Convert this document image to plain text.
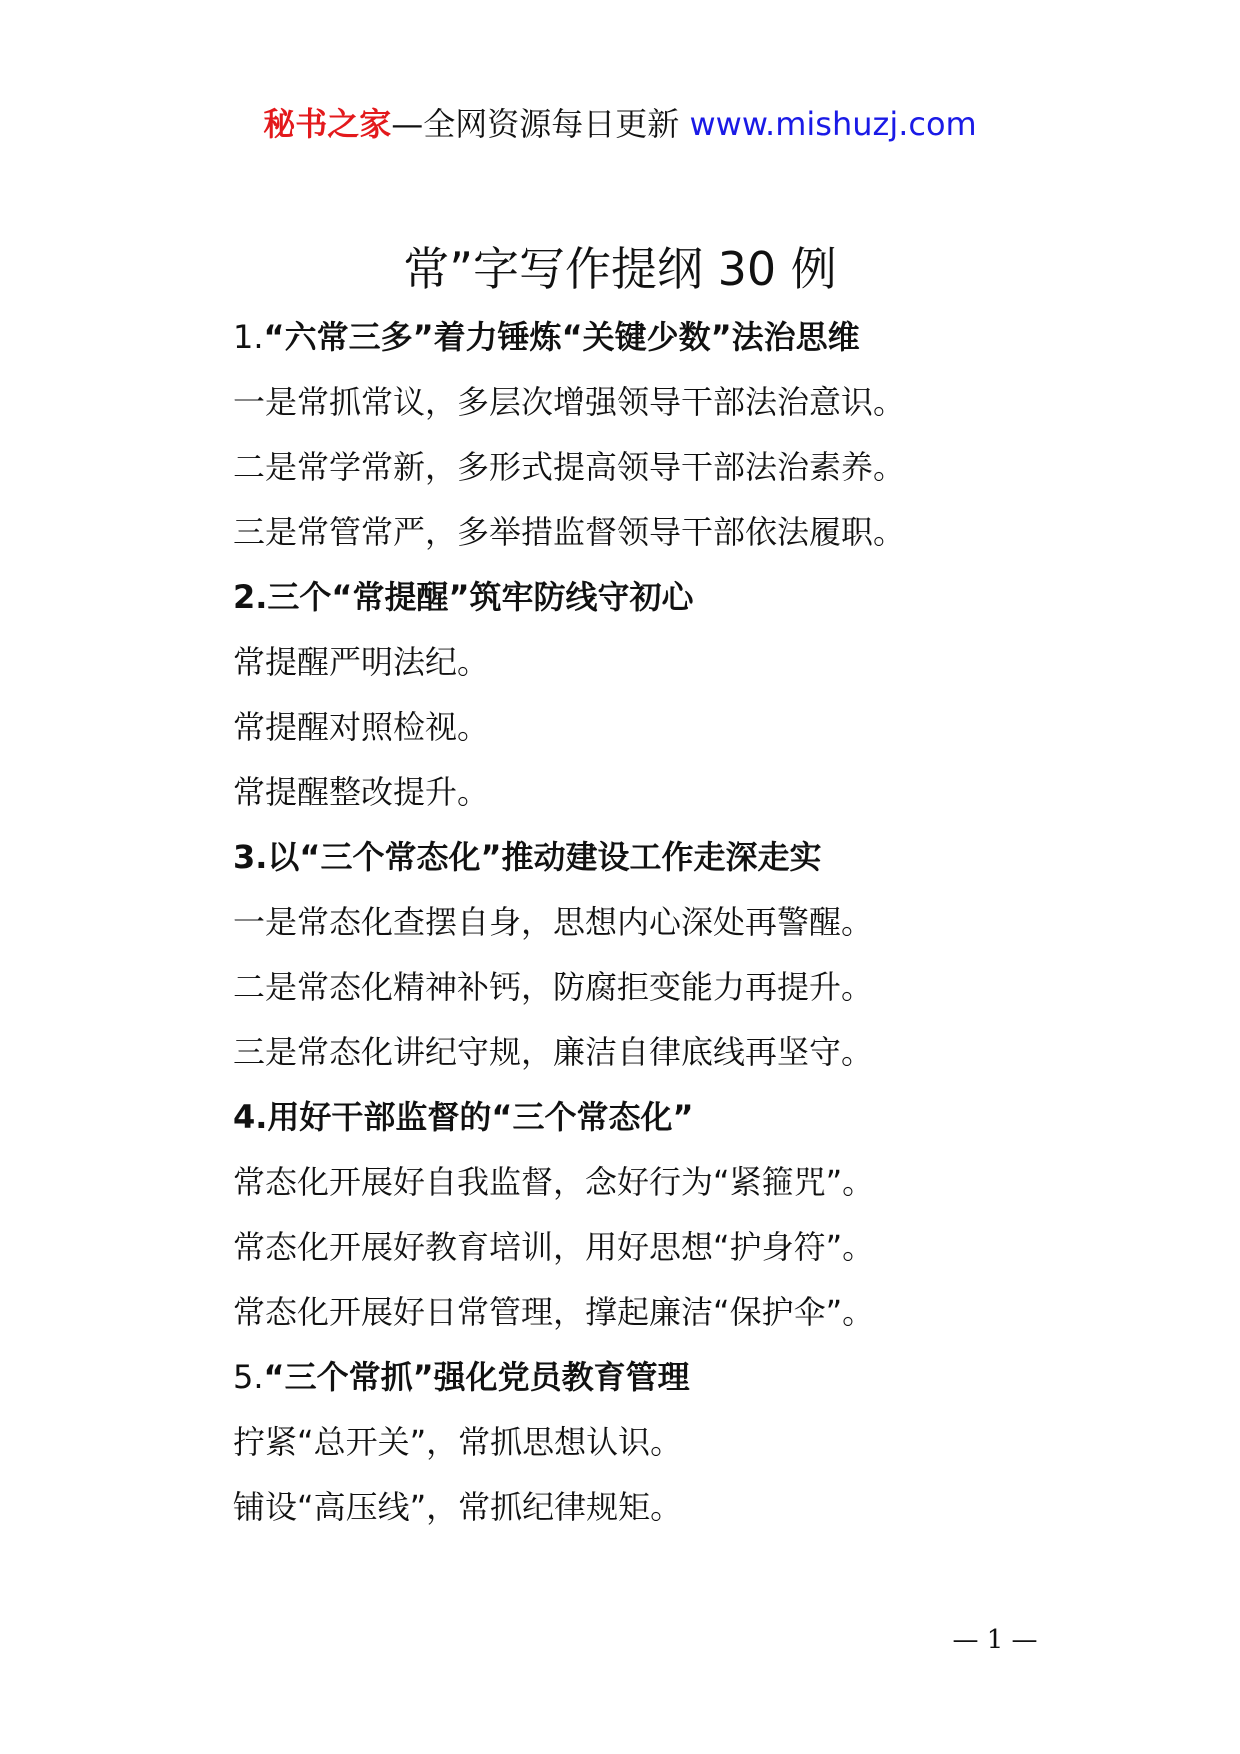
秘书之家—全网资源每日更新 www.mishuzj.com
常”字写作提纲 30 例
1.“六常三多”着力锤炼“关键少数”法治思维
一是常抓常议，多层次增强领导干部法治意识。
二是常学常新，多形式提高领导干部法治素养。
三是常管常严，多举措监督领导干部依法履职。
2.三个“常提醒”筑牢防线守初心
常提醒严明法纪。
常提醒对照检视。
常提醒整改提升。
3.以“三个常态化”推动建设工作走深走实
一是常态化查摆自身，思想内心深处再警醒。
二是常态化精神补钙，防腐拒变能力再提升。
三是常态化讲纪守规，廉洁自律底线再坚守。
4.用好干部监督的“三个常态化”
常态化开展好自我监督，念好行为“紧箍咒”。
常态化开展好教育培训，用好思想“护身符”。
常态化开展好日常管理，撑起廉洁“保护伞”。
5.“三个常抓”强化党员教育管理
拧紧“总开关”，常抓思想认识。
铺设“高压线”，常抓纪律规矩。
— 1 —
